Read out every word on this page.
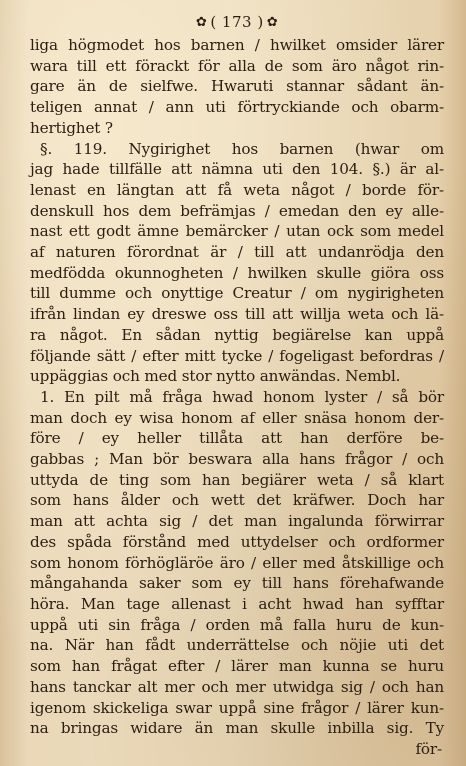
✿ ( 173 ) ✿
liga högmodet hos barnen / hwilket omsider lärer
wara till ett förackt för alla de som äro något rin-
gare än de sielfwe. Hwaruti stannar sådant än-
teligen annat / ann uti förtryckiande och obarm-
hertighet ?
§. 119. Nygirighet hos barnen (hwar om
jag hade tillfälle att nämna uti den 104. §.) är al-
lenast en längtan att få weta något / borde för-
denskull hos dem befrämjas / emedan den ey alle-
nast ett godt ämne bemärcker / utan ock som medel
af naturen förordnat är / till att undanrödja den
medfödda okunnogheten / hwilken skulle giöra oss
till dumme och onyttige Creatur / om nygirigheten
ifrån lindan ey dreswe oss till att willja weta och lä-
ra något. En sådan nyttig begiärelse kan uppå
följande sätt / efter mitt tycke / fogeligast befordras /
uppäggias och med stor nytto anwändas. Nembl.
1. En pilt må fråga hwad honom lyster / så bör
man doch ey wisa honom af eller snäsa honom der-
före / ey heller tillåta att han derföre be-
gabbas ; Man bör beswara alla hans frågor / och
uttyda de ting som han begiärer weta / så klart
som hans ålder och wett det kräfwer. Doch har
man att achta sig / det man ingalunda förwirrar
des spåda förstånd med uttydelser och ordformer
som honom förhögläröe äro / eller med åtskillige och
mångahanda saker som ey till hans förehafwande
höra. Man tage allenast i acht hwad han syfftar
uppå uti sin fråga / orden må falla huru de kun-
na. När han fådt underrättelse och nöjie uti det
som han frågat efter / lärer man kunna se huru
hans tanckar alt mer och mer utwidga sig / och han
igenom skickeliga swar uppå sine frågor / lärer kun-
na bringas widare än man skulle inbilla sig. Ty
för-
